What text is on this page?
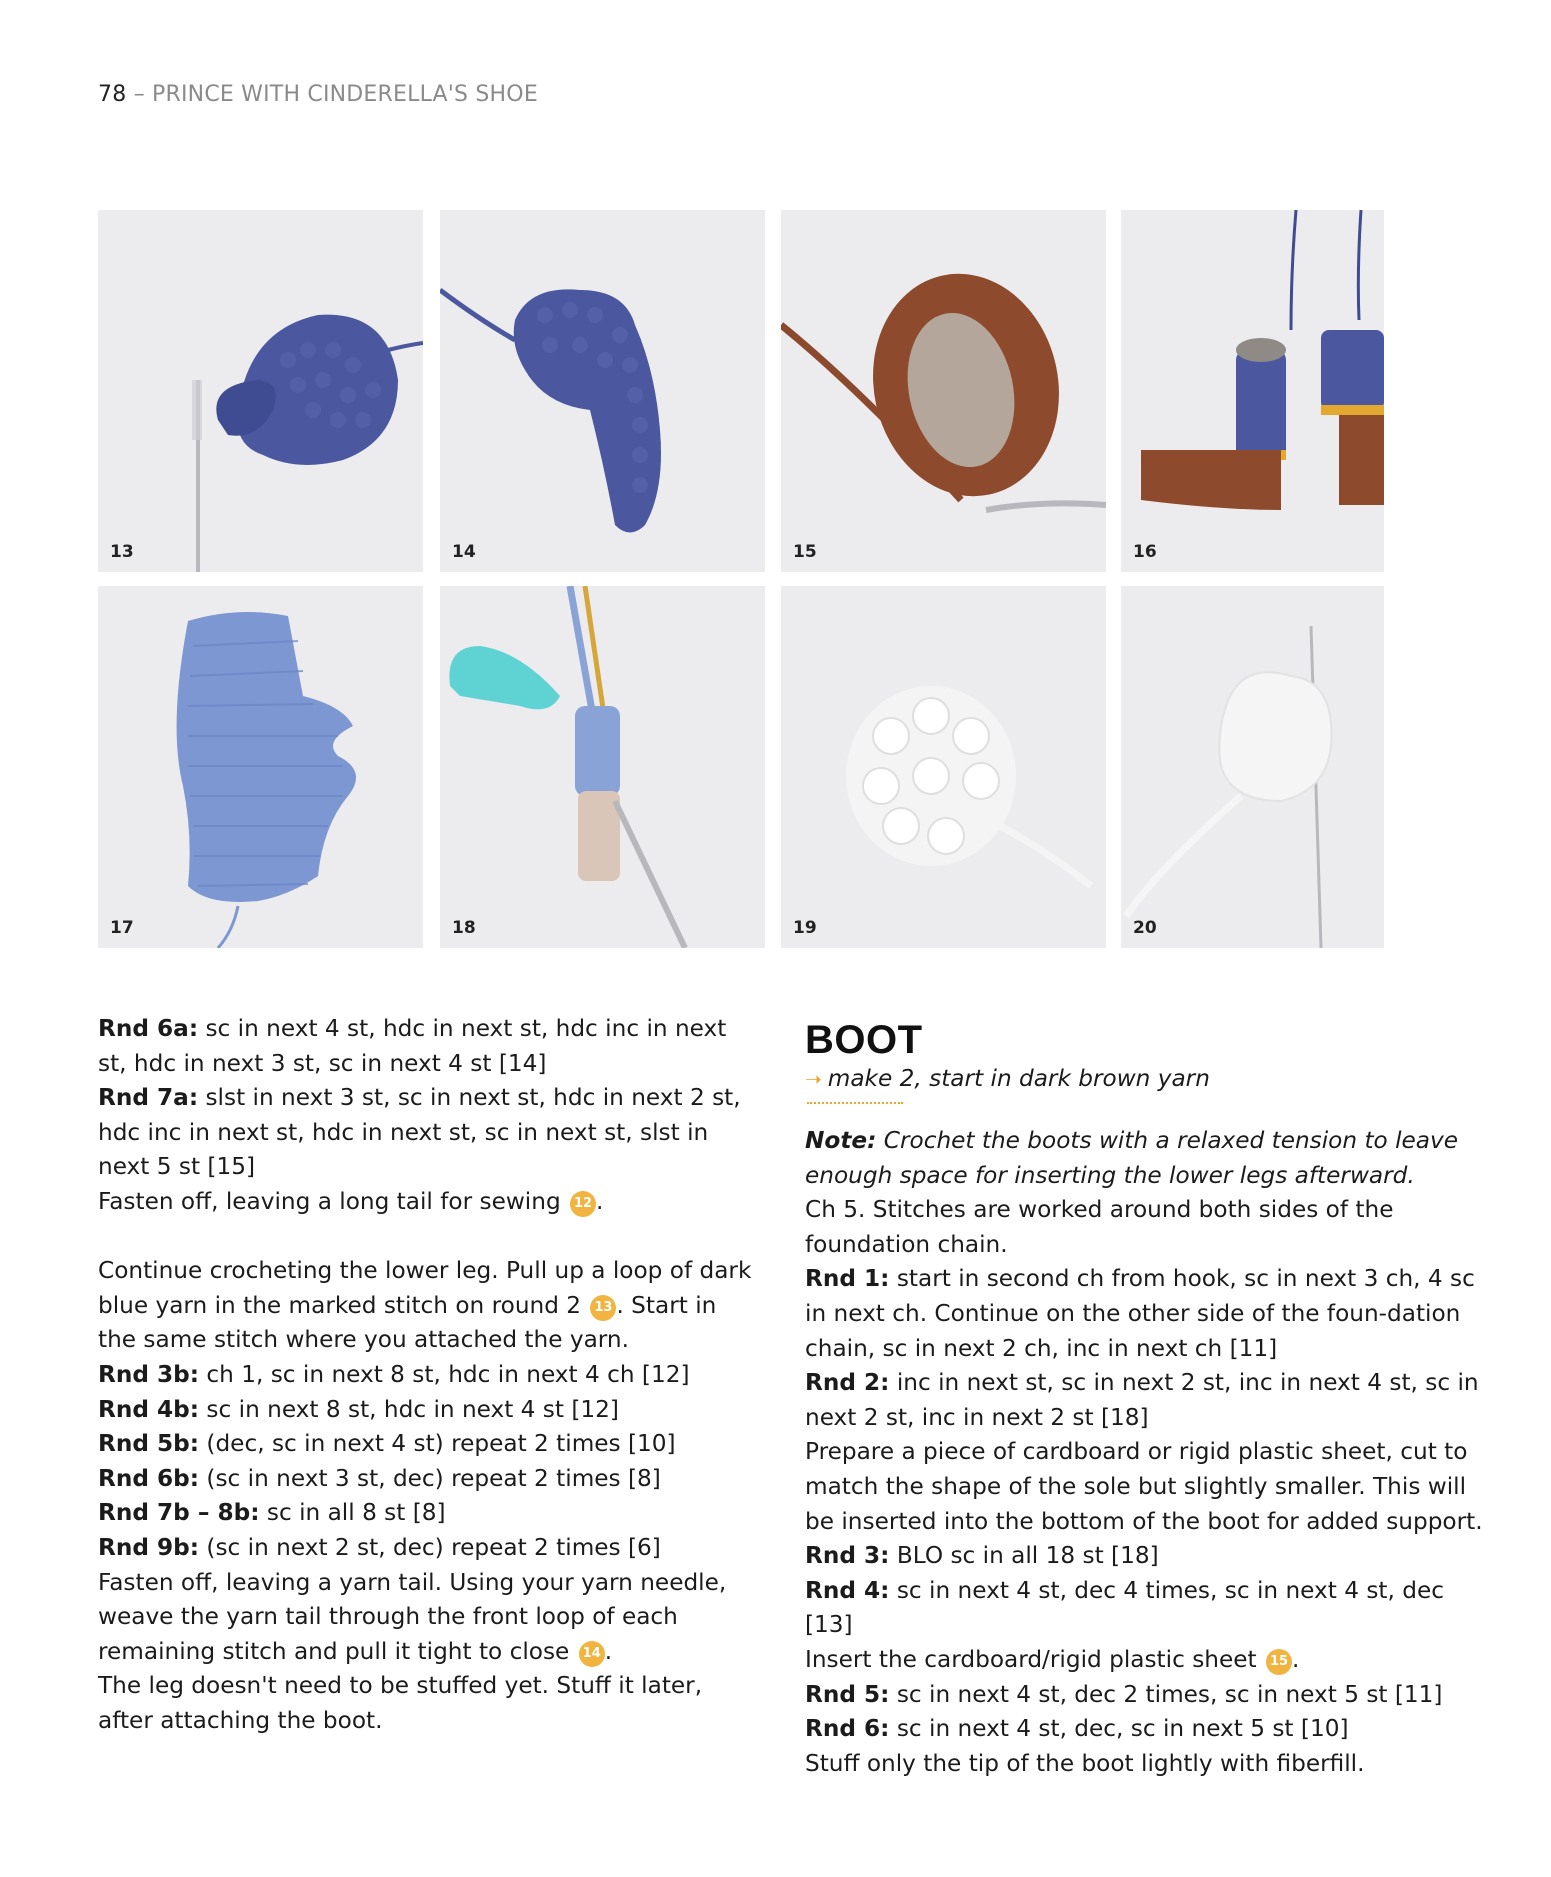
78 – PRINCE WITH CINDERELLA'S SHOE
13	14	15	16
17	18	19	20

Rnd 6a: sc in next 4 st, hdc in next st, hdc inc in next st, hdc in next 3 st, sc in next 4 st [14]

Rnd 7a: slst in next 3 st, sc in next st, hdc in next 2 st, hdc inc in next st, hdc in next st, sc in next st, slst in next 5 st [15]

Fasten off, leaving a long tail for sewing 12 .

Continue crocheting the lower leg. Pull up a loop of dark blue yarn in the marked stitch on round 2 13 . Start in the same stitch where you attached the yarn.

Rnd 3b: ch 1, sc in next 8 st, hdc in next 4 ch [12]

Rnd 4b: sc in next 8 st, hdc in next 4 st [12]

Rnd 5b: (dec, sc in next 4 st) repeat 2 times [10]

Rnd 6b: (sc in next 3 st, dec) repeat 2 times [8]

Rnd 7b – 8b: sc in all 8 st [8]

Rnd 9b: (sc in next 2 st, dec) repeat 2 times [6]

Fasten off, leaving a yarn tail. Using your yarn needle, weave the yarn tail through the front loop of each remaining stitch and pull it tight to close 14 .

The leg doesn't need to be stuffed yet. Stuff it later, after attaching the boot.

BOOT
➝ make 2, start in dark brown yarn

Note: Crochet the boots with a relaxed tension to leave enough space for inserting the lower legs afterward.

Ch 5. Stitches are worked around both sides of the foundation chain.

Rnd 1: start in second ch from hook, sc in next 3 ch, 4 sc in next ch. Continue on the other side of the foun-dation chain, sc in next 2 ch, inc in next ch [11]

Rnd 2: inc in next st, sc in next 2 st, inc in next 4 st, sc in next 2 st, inc in next 2 st [18]

Prepare a piece of cardboard or rigid plastic sheet, cut to match the shape of the sole but slightly smaller. This will be inserted into the bottom of the boot for added support.

Rnd 3: BLO sc in all 18 st [18]

Rnd 4: sc in next 4 st, dec 4 times, sc in next 4 st, dec [13]

Insert the cardboard/rigid plastic sheet 15 .

Rnd 5: sc in next 4 st, dec 2 times, sc in next 5 st [11]

Rnd 6: sc in next 4 st, dec, sc in next 5 st [10]

Stuff only the tip of the boot lightly with fiberfill.
